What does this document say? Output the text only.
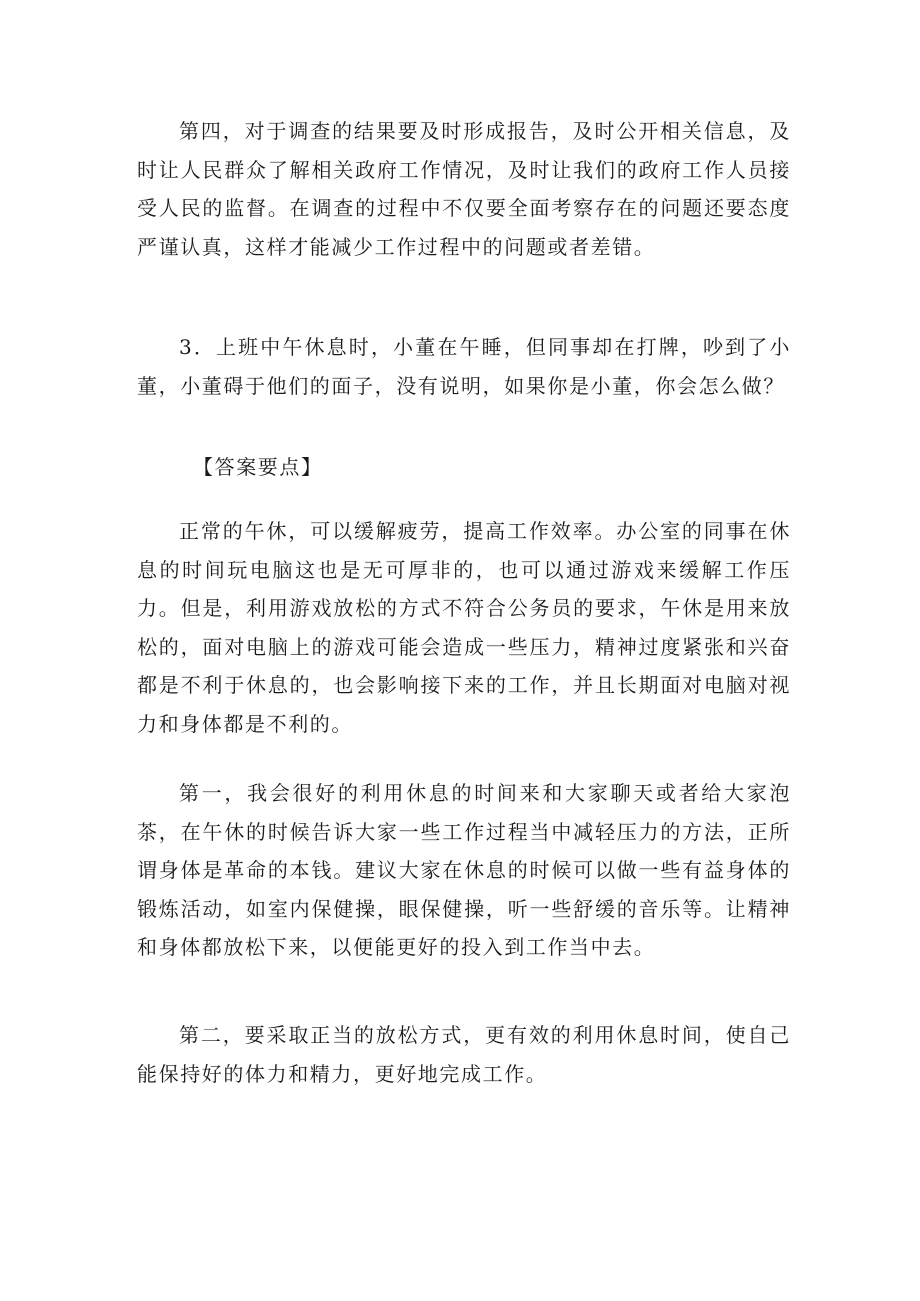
第四，对于调查的结果要及时形成报告，及时公开相关信息，及时让人民群众了解相关政府工作情况，及时让我们的政府工作人员接受人民的监督。在调查的过程中不仅要全面考察存在的问题还要态度严谨认真，这样才能减少工作过程中的问题或者差错。

3．上班中午休息时，小董在午睡，但同事却在打牌，吵到了小董，小董碍于他们的面子，没有说明，如果你是小董，你会怎么做？

【答案要点】

正常的午休，可以缓解疲劳，提高工作效率。办公室的同事在休息的时间玩电脑这也是无可厚非的，也可以通过游戏来缓解工作压力。但是，利用游戏放松的方式不符合公务员的要求，午休是用来放松的，面对电脑上的游戏可能会造成一些压力，精神过度紧张和兴奋都是不利于休息的，也会影响接下来的工作，并且长期面对电脑对视力和身体都是不利的。

第一，我会很好的利用休息的时间来和大家聊天或者给大家泡茶，在午休的时候告诉大家一些工作过程当中减轻压力的方法，正所谓身体是革命的本钱。建议大家在休息的时候可以做一些有益身体的锻炼活动，如室内保健操，眼保健操，听一些舒缓的音乐等。让精神和身体都放松下来，以便能更好的投入到工作当中去。

第二，要采取正当的放松方式，更有效的利用休息时间，使自己能保持好的体力和精力，更好地完成工作。
